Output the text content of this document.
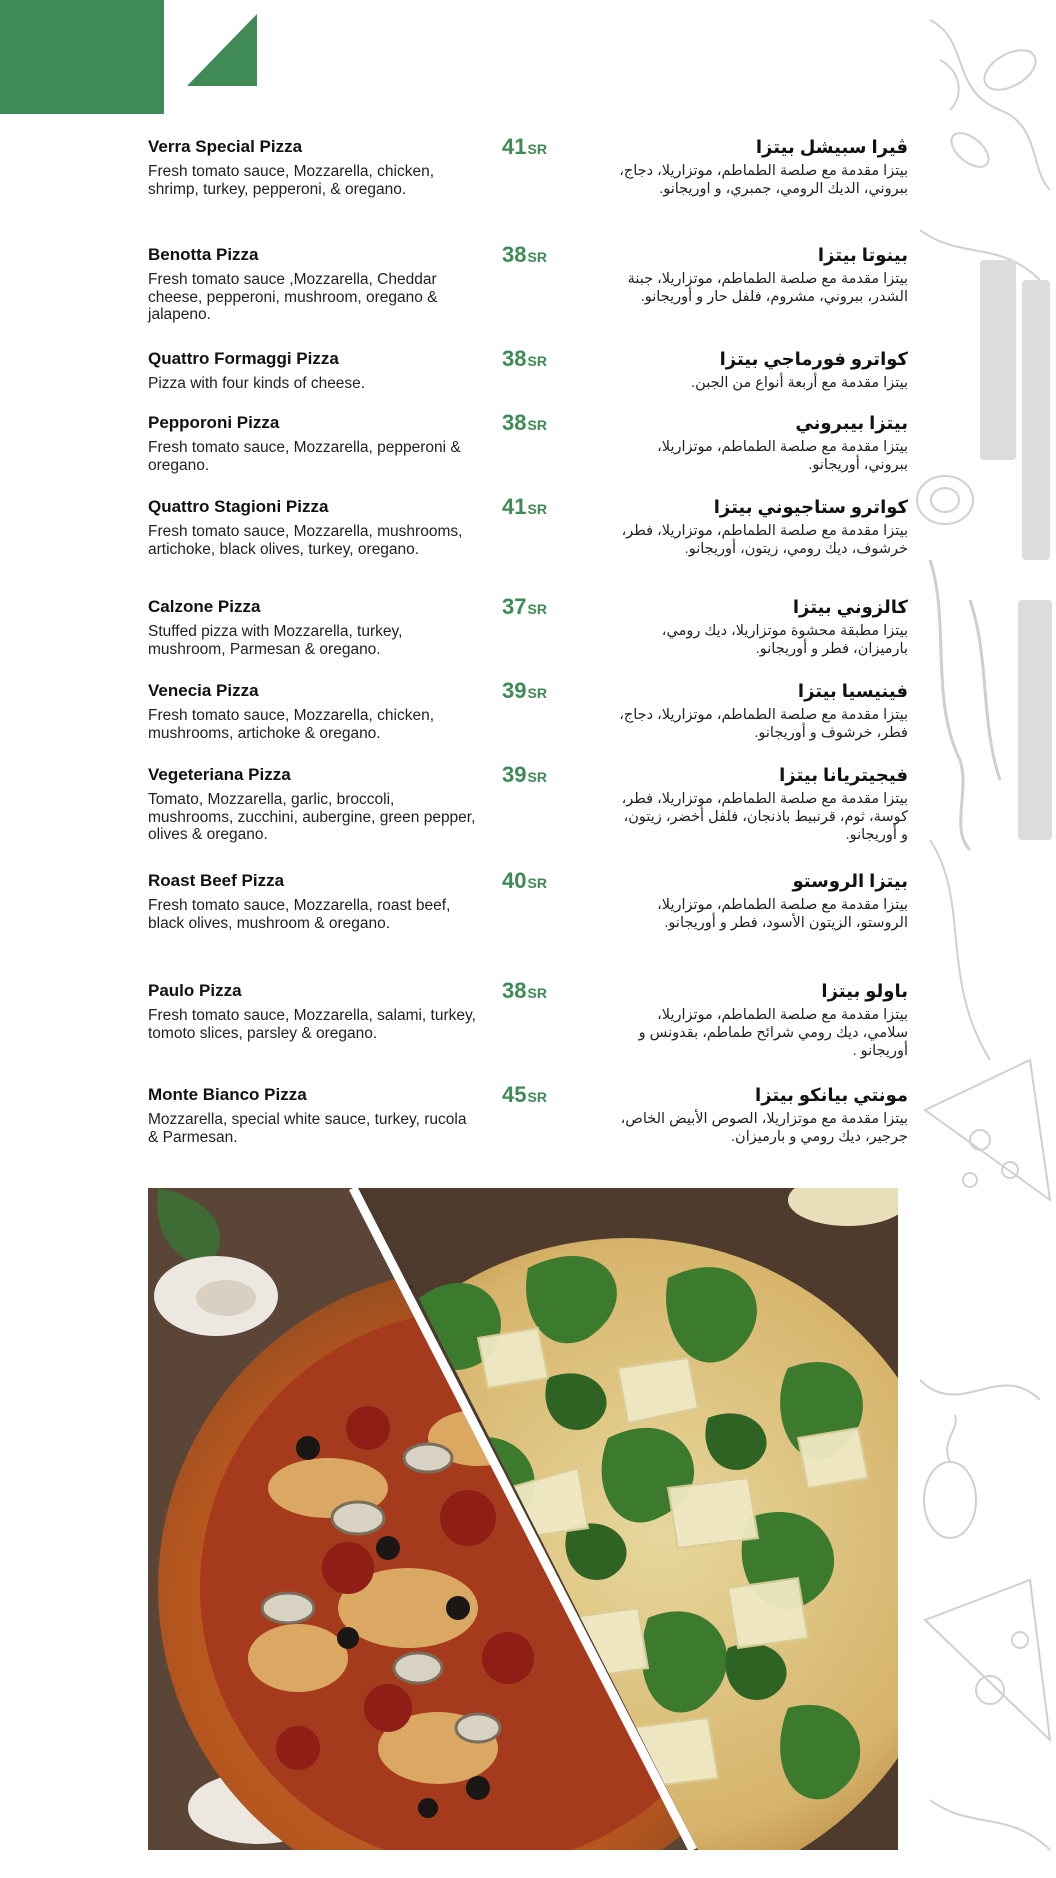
Verra Special Pizza
Fresh tomato sauce, Mozzarella, chicken, shrimp, turkey, pepperoni, & oregano.
41SR	ڤيرا سبيشل بيتزا
بيتزا مقدمة مع صلصة الطماطم، موتزاريلا، دجاج، ببروني، الديك الرومي، جمبري، و اوريجانو.
Benotta Pizza
Fresh tomato sauce ,Mozzarella, Cheddar cheese, pepperoni, mushroom, oregano & jalapeno.
38SR	بينوتا بيتزا
بيتزا مقدمة مع صلصة الطماطم، موتزاريلا، جبنة الشدر، ببروني، مشروم، فلفل حار و أوريجانو.
Quattro Formaggi Pizza
Pizza with four kinds of cheese.
38SR	كواترو فورماجي بيتزا
بيتزا مقدمة مع أربعة أنواع من الجبن.
Pepporoni Pizza
Fresh tomato sauce, Mozzarella, pepperoni & oregano.
38SR	بيتزا بيبروني
بيتزا مقدمة مع صلصة الطماطم، موتزاريلا، ببروني، أوريجانو.
Quattro Stagioni Pizza
Fresh tomato sauce, Mozzarella, mushrooms, artichoke, black olives, turkey, oregano.
41SR	كواترو ستاجيوني بيتزا
بيتزا مقدمة مع صلصة الطماطم، موتزاريلا، فطر، خرشوف، ديك رومي، زيتون، أوريجانو.
Calzone Pizza
Stuffed pizza with Mozzarella, turkey, mushroom, Parmesan & oregano.
37SR	كالزوني بيتزا
بيتزا مطبقة محشوة موتزاريلا، ديك رومي، بارميزان، فطر و أوريجانو.
Venecia Pizza
Fresh tomato sauce, Mozzarella, chicken, mushrooms, artichoke & oregano.
39SR	فينيسيا بيتزا
بيتزا مقدمة مع صلصة الطماطم، موتزاريلا، دجاج، فطر، خرشوف و أوريجانو.
Vegeteriana Pizza
Tomato, Mozzarella, garlic, broccoli, mushrooms, zucchini, aubergine, green pepper, olives & oregano.
39SR	فيجيتريانا بيتزا
بيتزا مقدمة مع صلصة الطماطم، موتزاريلا، فطر، كوسة، ثوم، قرنبيط باذنجان، فلفل أخضر، زيتون، و أوريجانو.
Roast Beef Pizza
Fresh tomato sauce, Mozzarella, roast beef, black olives, mushroom & oregano.
40SR	بيتزا الروستو
بيتزا مقدمة مع صلصة الطماطم، موتزاريلا، الروستو، الزيتون الأسود، فطر و أوريجانو.
Paulo Pizza
Fresh tomato sauce, Mozzarella, salami, turkey, tomoto slices, parsley & oregano.
38SR	باولو بيتزا
بيتزا مقدمة مع صلصة الطماطم، موتزاريلا، سلامي، ديك رومي شرائح طماطم، بقدونس و أوريجانو .
Monte Bianco Pizza
Mozzarella, special white sauce, turkey, rucola & Parmesan.
45SR	مونتي بيانكو بيتزا
بيتزا مقدمة مع موتزاريلا، الصوص الأبيض الخاص، جرجير، ديك رومي و بارميزان.
